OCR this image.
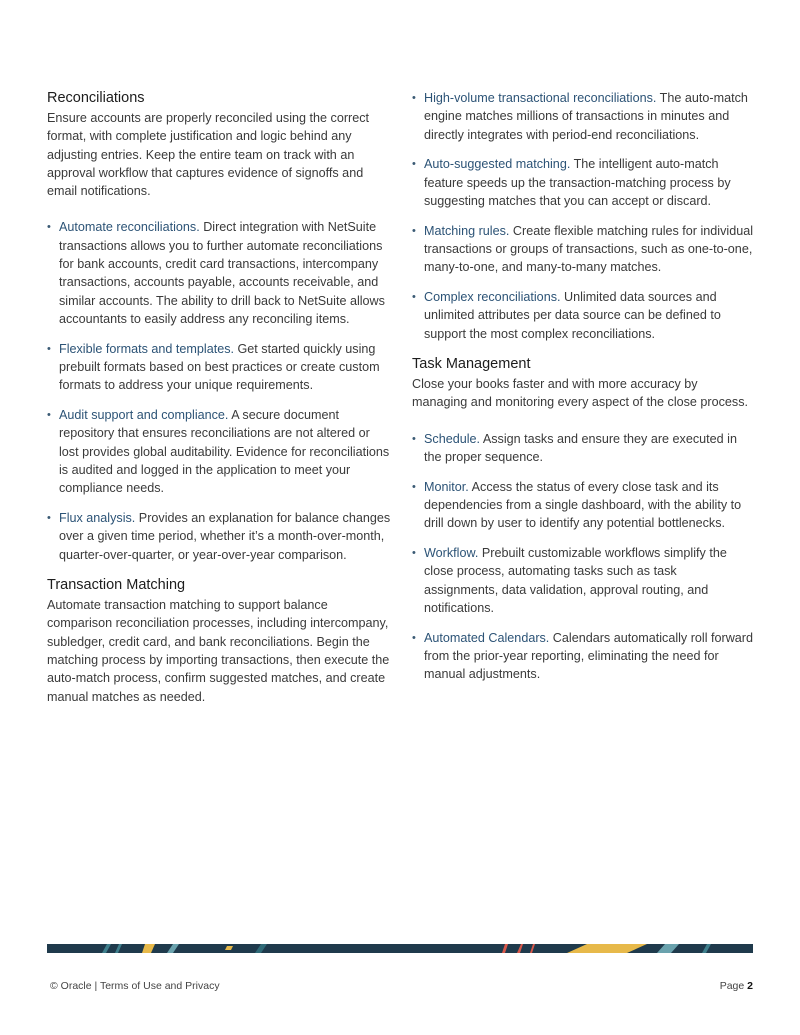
Reconciliations

Ensure accounts are properly reconciled using the correct format, with complete justification and logic behind any adjusting entries. Keep the entire team on track with an approval workflow that captures evidence of signoffs and email notifications.

• Automate reconciliations. Direct integration with NetSuite transactions allows you to further automate reconciliations for bank accounts, credit card transactions, intercompany transactions, accounts payable, accounts receivable, and similar accounts. The ability to drill back to NetSuite allows accountants to easily address any reconciling items.
• Flexible formats and templates. Get started quickly using prebuilt formats based on best practices or create custom formats to address your unique requirements.
• Audit support and compliance. A secure document repository that ensures reconciliations are not altered or lost provides global auditability. Evidence for reconciliations is audited and logged in the application to meet your compliance needs.
• Flux analysis. Provides an explanation for balance changes over a given time period, whether it’s a month-over-month, quarter-over-quarter, or year-over-year comparison.
Transaction Matching

Automate transaction matching to support balance comparison reconciliation processes, including intercompany, subledger, credit card, and bank reconciliations. Begin the matching process by importing transactions, then execute the auto-match process, confirm suggested matches, and create manual matches as needed.

• High-volume transactional reconciliations. The auto-match engine matches millions of transactions in minutes and directly integrates with period-end reconciliations.
• Auto-suggested matching. The intelligent auto-match feature speeds up the transaction-matching process by suggesting matches that you can accept or discard.
• Matching rules. Create flexible matching rules for individual transactions or groups of transactions, such as one-to-one, many-to-one, and many-to-many matches.
• Complex reconciliations. Unlimited data sources and unlimited attributes per data source can be defined to support the most complex reconciliations.
Task Management

Close your books faster and with more accuracy by managing and monitoring every aspect of the close process.

• Schedule. Assign tasks and ensure they are executed in the proper sequence.
• Monitor. Access the status of every close task and its dependencies from a single dashboard, with the ability to drill down by user to identify any potential bottlenecks.
• Workflow. Prebuilt customizable workflows simplify the close process, automating tasks such as task assignments, data validation, approval routing, and notifications.
• Automated Calendars. Calendars automatically roll forward from the prior-year reporting, eliminating the need for manual adjustments.
© Oracle | Terms of Use and Privacy	Page 2
